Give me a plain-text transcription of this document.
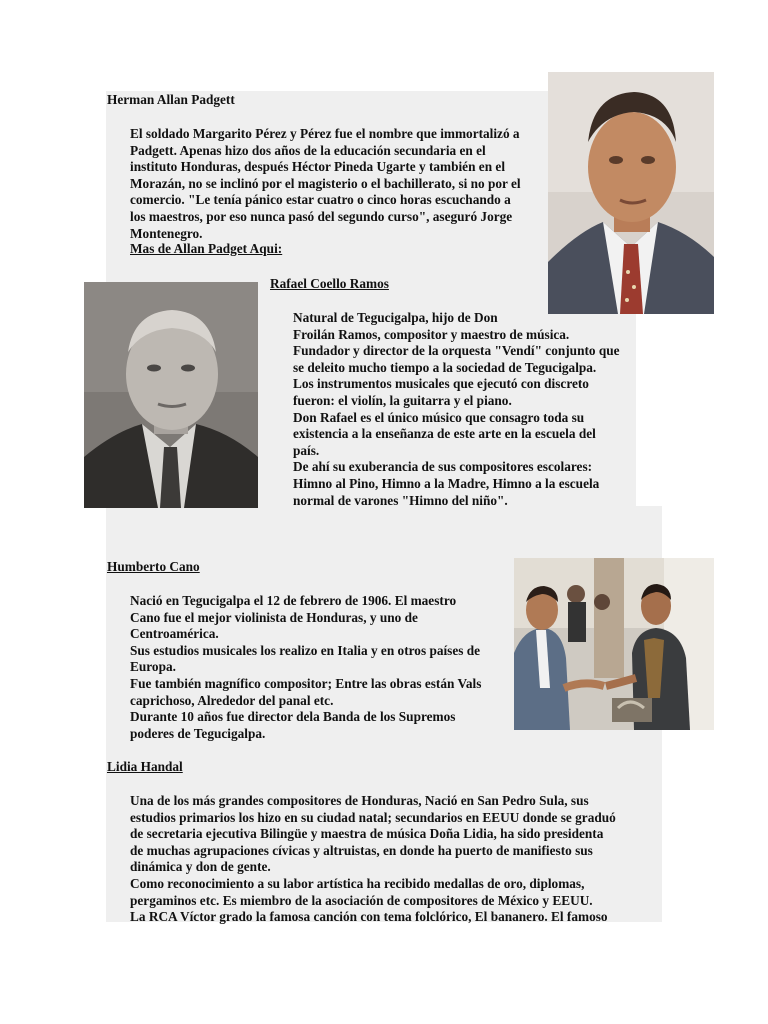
Herman Allan Padgett
El soldado Margarito Pérez y Pérez fue el nombre que immortalizó a
Padgett. Apenas hizo dos años de la educación secundaria en el
instituto Honduras, después Héctor Pineda Ugarte y también en el
Morazán, no se inclinó por el magisterio o el bachillerato, si no por el
comercio. "Le tenía pánico estar cuatro o cinco horas escuchando a
los maestros, por eso nunca pasó del segundo curso", aseguró Jorge
Montenegro.
Mas de Allan Padget Aqui:
Rafael Coello Ramos
Natural de Tegucigalpa, hijo de Don
Froilán Ramos, compositor y maestro de música.
Fundador y director de la orquesta "Vendí" conjunto que
se deleito mucho tiempo a la sociedad de Tegucigalpa.
Los instrumentos musicales que ejecutó con discreto
fueron: el violín, la guitarra y el piano.
Don Rafael es el único músico que consagro toda su
existencia a la enseñanza de este arte en la escuela del
país.
De ahí su exuberancia de sus compositores escolares:
Himno al Pino, Himno a la Madre, Himno a la escuela
normal de varones "Himno del niño".
Humberto Cano
Nació en Tegucigalpa el 12 de febrero de 1906. El maestro
Cano fue el mejor violinista de Honduras, y uno de
Centroamérica.
Sus estudios musicales los realizo en Italia y en otros países de
Europa.
Fue también magnífico compositor; Entre las obras están Vals
caprichoso, Alrededor del panal etc.
Durante 10 años fue director dela Banda de los Supremos
poderes de Tegucigalpa.
Lidia Handal
Una de los más grandes compositores de Honduras, Nació en San Pedro Sula, sus
estudios primarios los hizo en su ciudad natal; secundarios en EEUU donde se graduó
de secretaria ejecutiva Bilingüe y maestra de música Doña Lidia, ha sido presidenta
de muchas agrupaciones cívicas y altruistas, en donde ha puerto de manifiesto sus
dinámica y don de gente.
Como reconocimiento a su labor artística ha recibido medallas de oro, diplomas,
pergaminos etc. Es miembro de la asociación de compositores de México y EEUU.
La RCA Víctor grado la famosa canción con tema folclórico, El bananero. El famoso
